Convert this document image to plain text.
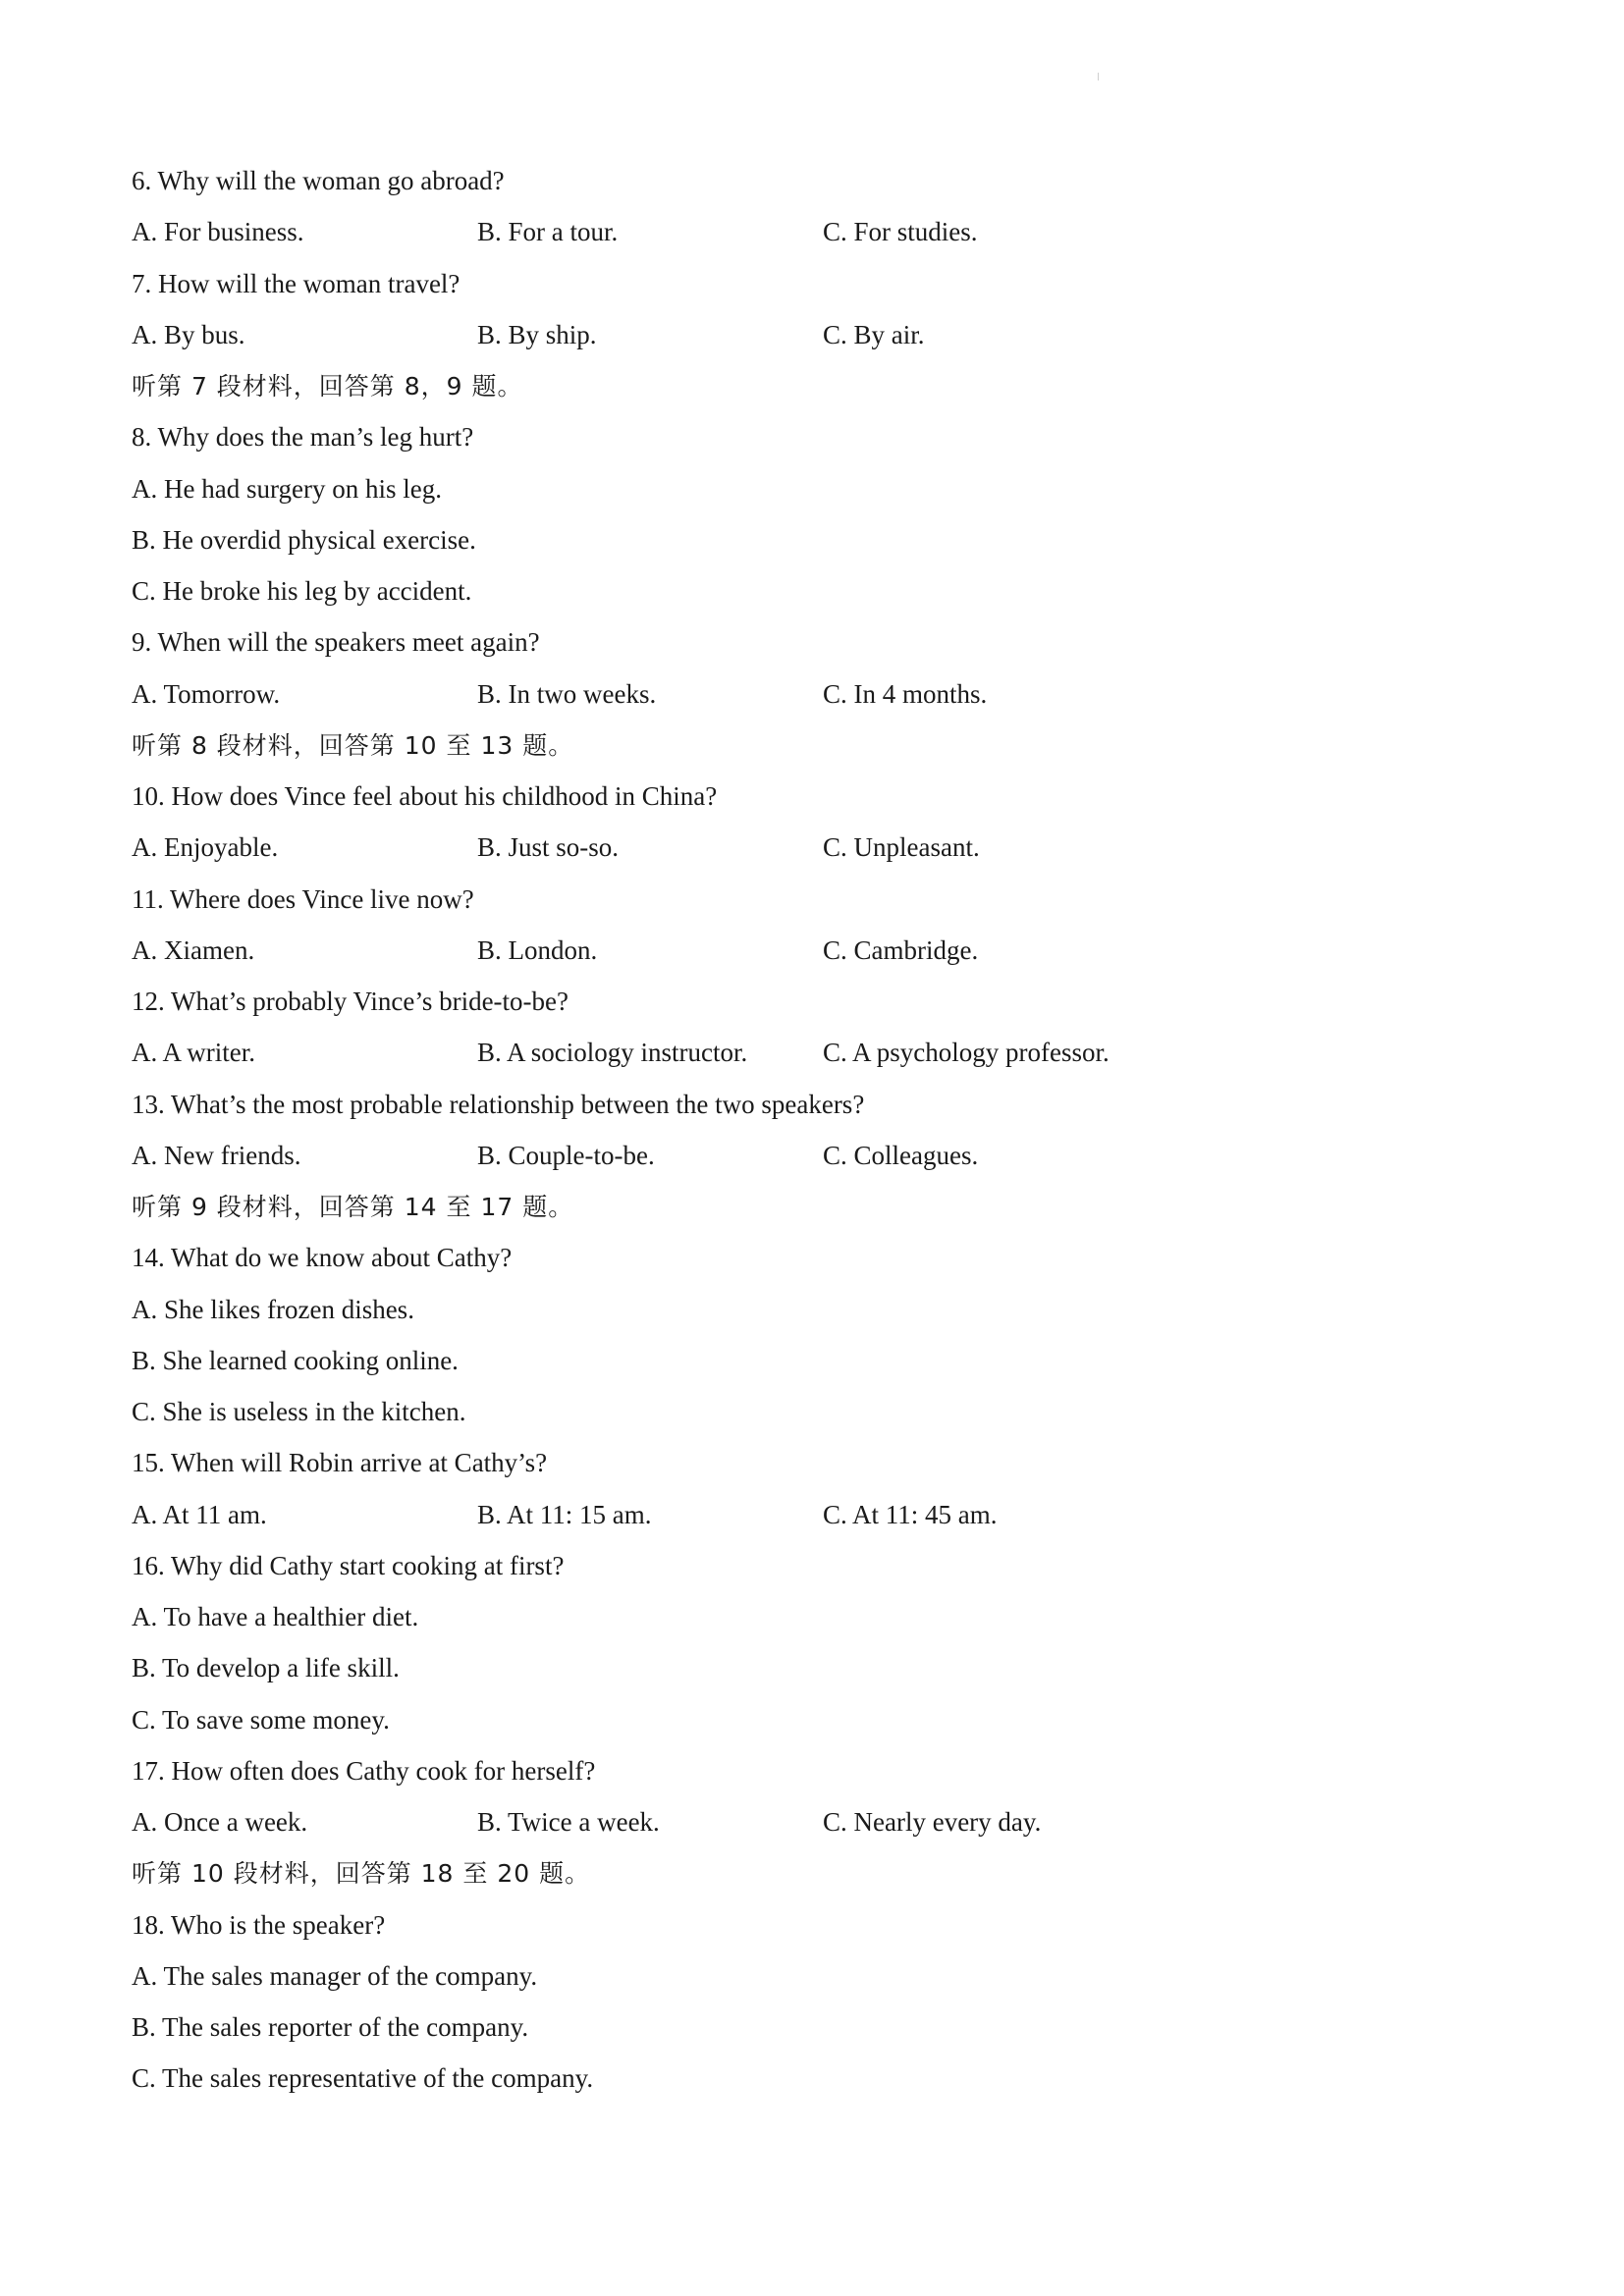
6. Why will the woman go abroad?
A. For business.	B. For a tour.	C. For studies.
7. How will the woman travel?
A. By bus.	B. By ship.	C. By air.
听第 7 段材料，回答第 8，9 题。
8. Why does the man’s leg hurt?
A. He had surgery on his leg.
B. He overdid physical exercise.
C. He broke his leg by accident.
9. When will the speakers meet again?
A. Tomorrow.	B. In two weeks.	C. In 4 months.
听第 8 段材料，回答第 10 至 13 题。
10. How does Vince feel about his childhood in China?
A. Enjoyable.	B. Just so-so.	C. Unpleasant.
11. Where does Vince live now?
A. Xiamen.	B. London.	C. Cambridge.
12. What’s probably Vince’s bride-to-be?
A. A writer.	B. A sociology instructor.	C. A psychology professor.
13. What’s the most probable relationship between the two speakers?
A. New friends.	B. Couple-to-be.	C. Colleagues.
听第 9 段材料，回答第 14 至 17 题。
14. What do we know about Cathy?
A. She likes frozen dishes.
B. She learned cooking online.
C. She is useless in the kitchen.
15. When will Robin arrive at Cathy’s?
A. At 11 am.	B. At 11: 15 am.	C. At 11: 45 am.
16. Why did Cathy start cooking at first?
A. To have a healthier diet.
B. To develop a life skill.
C. To save some money.
17. How often does Cathy cook for herself?
A. Once a week.	B. Twice a week.	C. Nearly every day.
听第 10 段材料，回答第 18 至 20 题。
18. Who is the speaker?
A. The sales manager of the company.
B. The sales reporter of the company.
C. The sales representative of the company.
